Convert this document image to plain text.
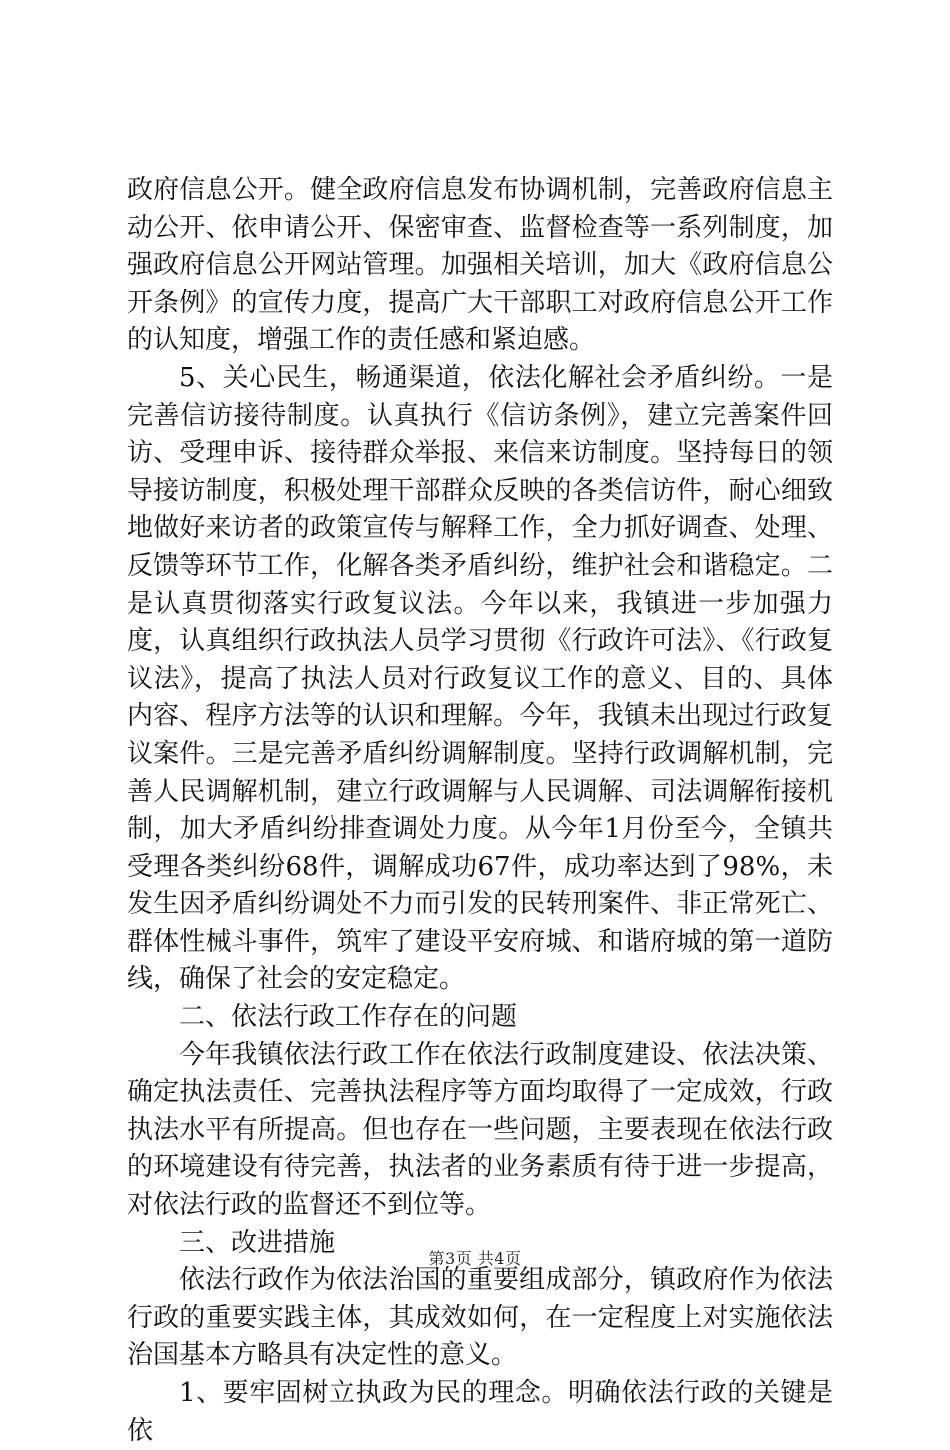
政府信息公开。健全政府信息发布协调机制，完善政府信息主动公开、依申请公开、保密审查、监督检查等一系列制度，加强政府信息公开网站管理。加强相关培训，加大《政府信息公开条例》的宣传力度，提高广大干部职工对政府信息公开工作的认知度，增强工作的责任感和紧迫感。

5、关心民生，畅通渠道，依法化解社会矛盾纠纷。一是完善信访接待制度。认真执行《信访条例》，建立完善案件回访、受理申诉、接待群众举报、来信来访制度。坚持每日的领导接访制度，积极处理干部群众反映的各类信访件，耐心细致地做好来访者的政策宣传与解释工作，全力抓好调查、处理、反馈等环节工作，化解各类矛盾纠纷，维护社会和谐稳定。二是认真贯彻落实行政复议法。今年以来，我镇进一步加强力度，认真组织行政执法人员学习贯彻《行政许可法》、《行政复议法》，提高了执法人员对行政复议工作的意义、目的、具体内容、程序方法等的认识和理解。今年，我镇未出现过行政复议案件。三是完善矛盾纠纷调解制度。坚持行政调解机制，完善人民调解机制，建立行政调解与人民调解、司法调解衔接机制，加大矛盾纠纷排查调处力度。从今年1月份至今，全镇共受理各类纠纷68件，调解成功67件，成功率达到了98%，未发生因矛盾纠纷调处不力而引发的民转刑案件、非正常死亡、群体性械斗事件，筑牢了建设平安府城、和谐府城的第一道防线，确保了社会的安定稳定。

二、依法行政工作存在的问题

今年我镇依法行政工作在依法行政制度建设、依法决策、确定执法责任、完善执法程序等方面均取得了一定成效，行政执法水平有所提高。但也存在一些问题，主要表现在依法行政的环境建设有待完善，执法者的业务素质有待于进一步提高，对依法行政的监督还不到位等。

三、改进措施

依法行政作为依法治国的重要组成部分，镇政府作为依法行政的重要实践主体，其成效如何，在一定程度上对实施依法治国基本方略具有决定性的意义。

1、要牢固树立执政为民的理念。明确依法行政的关键是依

第3页 共4页
